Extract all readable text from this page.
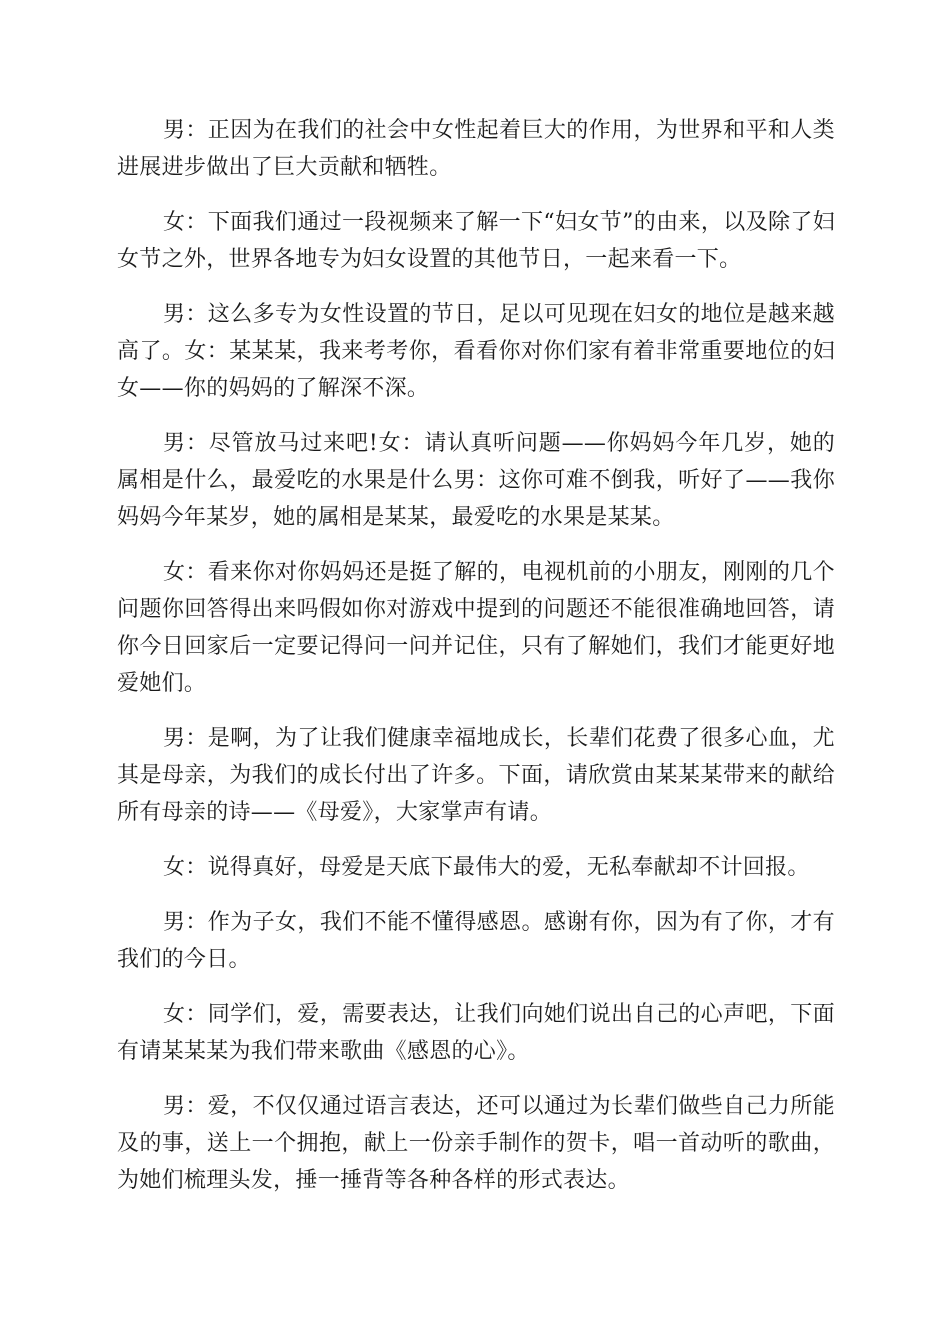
男：正因为在我们的社会中女性起着巨大的作用，为世界和平和人类进展进步做出了巨大贡献和牺牲。

女：下面我们通过一段视频来了解一下“妇女节”的由来，以及除了妇女节之外，世界各地专为妇女设置的其他节日，一起来看一下。

男：这么多专为女性设置的节日，足以可见现在妇女的地位是越来越高了。女：某某某，我来考考你，看看你对你们家有着非常重要地位的妇女——你的妈妈的了解深不深。

男：尽管放马过来吧!女：请认真听问题——你妈妈今年几岁，她的属相是什么，最爱吃的水果是什么男：这你可难不倒我，听好了——我你妈妈今年某岁，她的属相是某某，最爱吃的水果是某某。

女：看来你对你妈妈还是挺了解的，电视机前的小朋友，刚刚的几个问题你回答得出来吗假如你对游戏中提到的问题还不能很准确地回答，请你今日回家后一定要记得问一问并记住，只有了解她们，我们才能更好地爱她们。

男：是啊，为了让我们健康幸福地成长，长辈们花费了很多心血，尤其是母亲，为我们的成长付出了许多。下面，请欣赏由某某某带来的献给所有母亲的诗——《母爱》，大家掌声有请。

女：说得真好，母爱是天底下最伟大的爱，无私奉献却不计回报。

男：作为子女，我们不能不懂得感恩。感谢有你，因为有了你，才有我们的今日。

女：同学们，爱，需要表达，让我们向她们说出自己的心声吧，下面有请某某某为我们带来歌曲《感恩的心》。

男：爱，不仅仅通过语言表达，还可以通过为长辈们做些自己力所能及的事，送上一个拥抱，献上一份亲手制作的贺卡，唱一首动听的歌曲，为她们梳理头发，捶一捶背等各种各样的形式表达。
